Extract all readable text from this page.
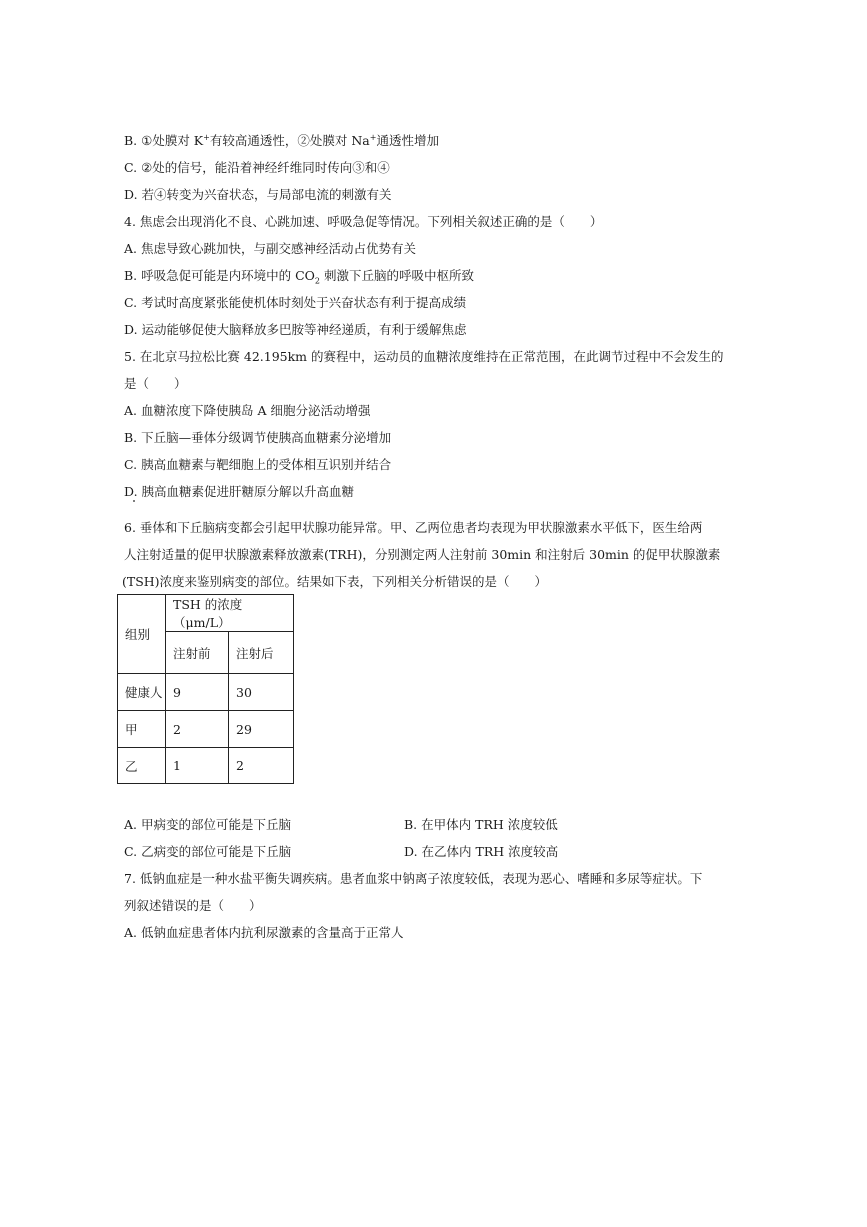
B. ①处膜对 K+有较高通透性，②处膜对 Na+通透性增加
C. ②处的信号，能沿着神经纤维同时传向③和④
D. 若④转变为兴奋状态，与局部电流的刺激有关
4. 焦虑会出现消化不良、心跳加速、呼吸急促等情况。下列相关叙述正确的是（　　）
A. 焦虑导致心跳加快，与副交感神经活动占优势有关
B. 呼吸急促可能是内环境中的 $CO_2$ 刺激下丘脑的呼吸中枢所致
C. 考试时高度紧张能使机体时刻处于兴奋状态有利于提高成绩
D. 运动能够促使大脑释放多巴胺等神经递质，有利于缓解焦虑
5. 在北京马拉松比赛 42.195km 的赛程中，运动员的血糖浓度维持在正常范围，在此调节过程中不会发生的
是（　　）
A. 血糖浓度下降使胰岛 A 细胞分泌活动增强
B. 下丘脑—垂体分级调节使胰高血糖素分泌增加
C. 胰高血糖素与靶细胞上的受体相互识别并结合
D. 胰高血糖素促进肝糖原分解以升高血糖
6. 垂体和下丘脑病变都会引起甲状腺功能异常。甲、乙两位患者均表现为甲状腺激素水平低下，医生给两
人注射适量的促甲状腺激素释放激素(TRH)，分别测定两人注射前 30min 和注射后 30min 的促甲状腺激素
(TSH)浓度来鉴别病变的部位。结果如下表，下列相关分析错误的是（　　）
组别	TSH 的浓度（μm/L）	
	注射前	注射后
健康人	9	30
甲	2	29
乙	1	2
A. 甲病变的部位可能是下丘脑	B. 在甲体内 TRH 浓度较低
C. 乙病变的部位可能是下丘脑	D. 在乙体内 TRH 浓度较高
7. 低钠血症是一种水盐平衡失调疾病。患者血浆中钠离子浓度较低，表现为恶心、嗜睡和多尿等症状。下
列叙述错误的是（　　）
A. 低钠血症患者体内抗利尿激素的含量高于正常人
